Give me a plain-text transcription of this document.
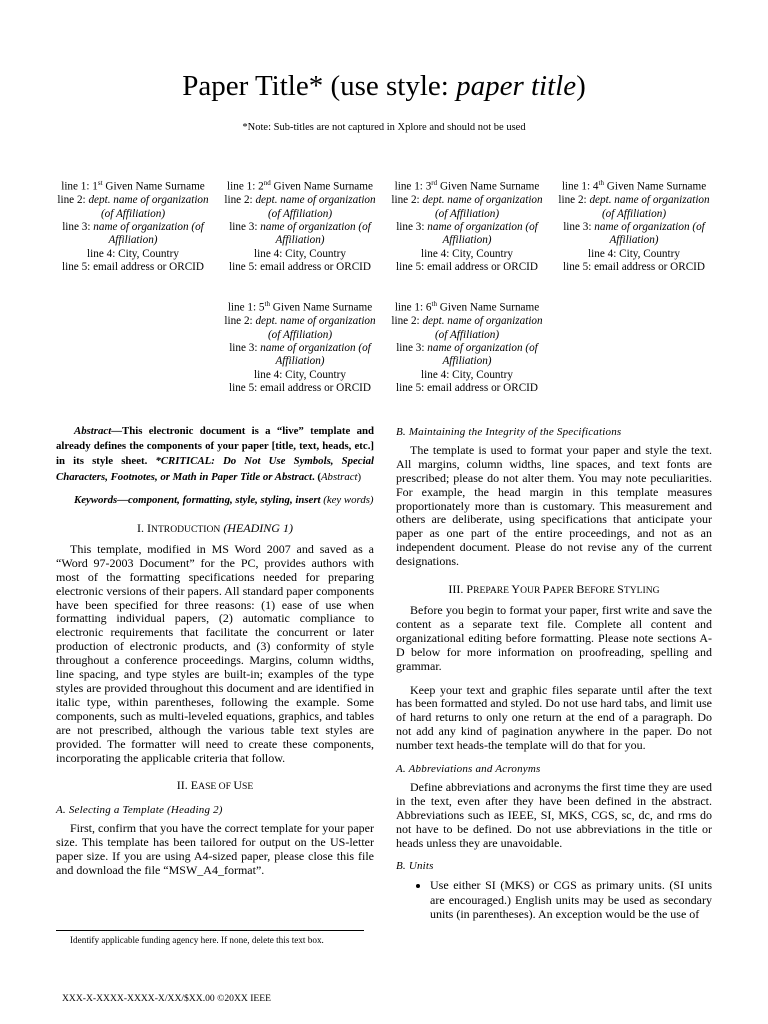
Paper Title* (use style: paper title)
*Note: Sub-titles are not captured in Xplore and should not be used
line 1: 1st Given Name Surname
line 2: dept. name of organization (of Affiliation)
line 3: name of organization (of Affiliation)
line 4: City, Country
line 5: email address or ORCID
line 1: 2nd Given Name Surname
line 2: dept. name of organization (of Affiliation)
line 3: name of organization (of Affiliation)
line 4: City, Country
line 5: email address or ORCID
line 1: 3rd Given Name Surname
line 2: dept. name of organization (of Affiliation)
line 3: name of organization (of Affiliation)
line 4: City, Country
line 5: email address or ORCID
line 1: 4th Given Name Surname
line 2: dept. name of organization (of Affiliation)
line 3: name of organization (of Affiliation)
line 4: City, Country
line 5: email address or ORCID
line 1: 5th Given Name Surname
line 2: dept. name of organization (of Affiliation)
line 3: name of organization (of Affiliation)
line 4: City, Country
line 5: email address or ORCID
line 1: 6th Given Name Surname
line 2: dept. name of organization (of Affiliation)
line 3: name of organization (of Affiliation)
line 4: City, Country
line 5: email address or ORCID

Abstract—This electronic document is a “live” template and already defines the components of your paper [title, text, heads, etc.] in its style sheet. *CRITICAL: Do Not Use Symbols, Special Characters, Footnotes, or Math in Paper Title or Abstract. (Abstract)

Keywords—component, formatting, style, styling, insert (key words)

I. INTRODUCTION (HEADING 1)

This template, modified in MS Word 2007 and saved as a “Word 97-2003 Document” for the PC, provides authors with most of the formatting specifications needed for preparing electronic versions of their papers. All standard paper components have been specified for three reasons: (1) ease of use when formatting individual papers, (2) automatic compliance to electronic requirements that facilitate the concurrent or later production of electronic products, and (3) conformity of style throughout a conference proceedings. Margins, column widths, line spacing, and type styles are built-in; examples of the type styles are provided throughout this document and are identified in italic type, within parentheses, following the example. Some components, such as multi-leveled equations, graphics, and tables are not prescribed, although the various table text styles are provided. The formatter will need to create these components, incorporating the applicable criteria that follow.

II. EASE OF USE
A. Selecting a Template (Heading 2)

First, confirm that you have the correct template for your paper size. This template has been tailored for output on the US-letter paper size. If you are using A4-sized paper, please close this file and download the file “MSW_A4_format”.

B. Maintaining the Integrity of the Specifications

The template is used to format your paper and style the text. All margins, column widths, line spaces, and text fonts are prescribed; please do not alter them. You may note peculiarities. For example, the head margin in this template measures proportionately more than is customary. This measurement and others are deliberate, using specifications that anticipate your paper as one part of the entire proceedings, and not as an independent document. Please do not revise any of the current designations.

III. PREPARE YOUR PAPER BEFORE STYLING

Before you begin to format your paper, first write and save the content as a separate text file. Complete all content and organizational editing before formatting. Please note sections A-D below for more information on proofreading, spelling and grammar.

Keep your text and graphic files separate until after the text has been formatted and styled. Do not use hard tabs, and limit use of hard returns to only one return at the end of a paragraph. Do not add any kind of pagination anywhere in the paper. Do not number text heads-the template will do that for you.

A. Abbreviations and Acronyms

Define abbreviations and acronyms the first time they are used in the text, even after they have been defined in the abstract. Abbreviations such as IEEE, SI, MKS, CGS, sc, dc, and rms do not have to be defined. Do not use abbreviations in the title or heads unless they are unavoidable.

B. Units
• Use either SI (MKS) or CGS as primary units. (SI units are encouraged.) English units may be used as secondary units (in parentheses). An exception would be the use of
Identify applicable funding agency here. If none, delete this text box.
XXX-X-XXXX-XXXX-X/XX/$XX.00 ©20XX IEEE
